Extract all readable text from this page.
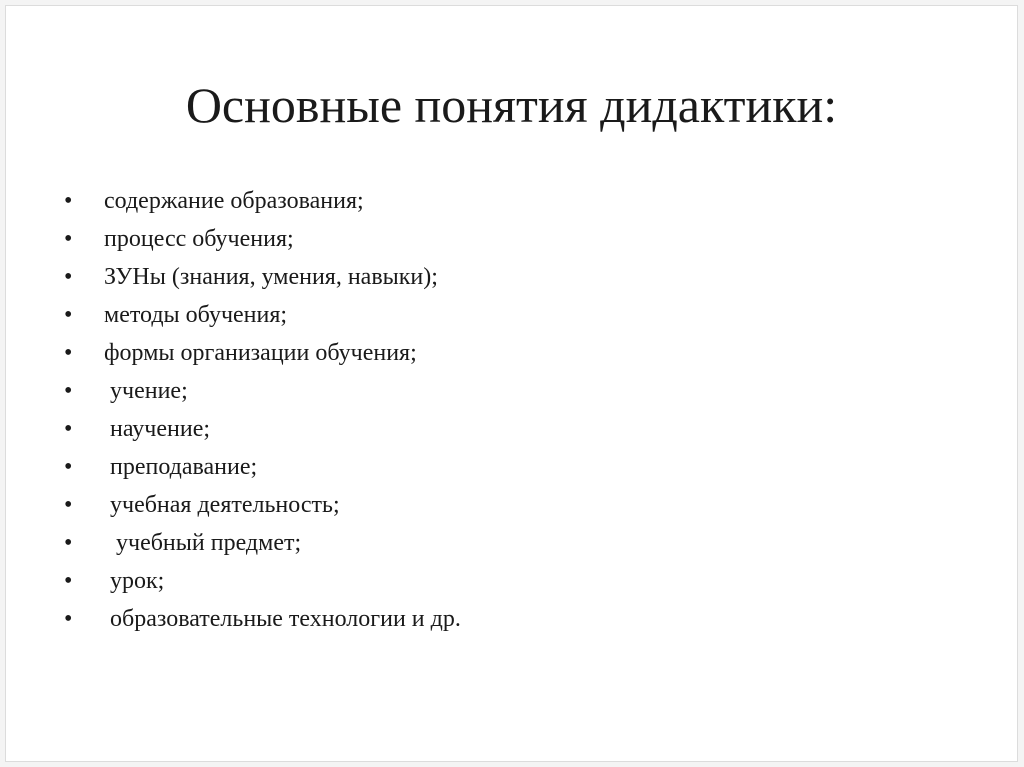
Основные понятия дидактики:

•

	содержание образования;

•

	процесс обучения;

•

	ЗУНы (знания, умения, навыки);

•

	методы обучения;

•

	формы организации обучения;

•

	учение;

•

	научение;

•

	преподавание;

•

	учебная деятельность;

•

	учебный предмет;

•

	урок;

•

	образовательные технологии и др.
